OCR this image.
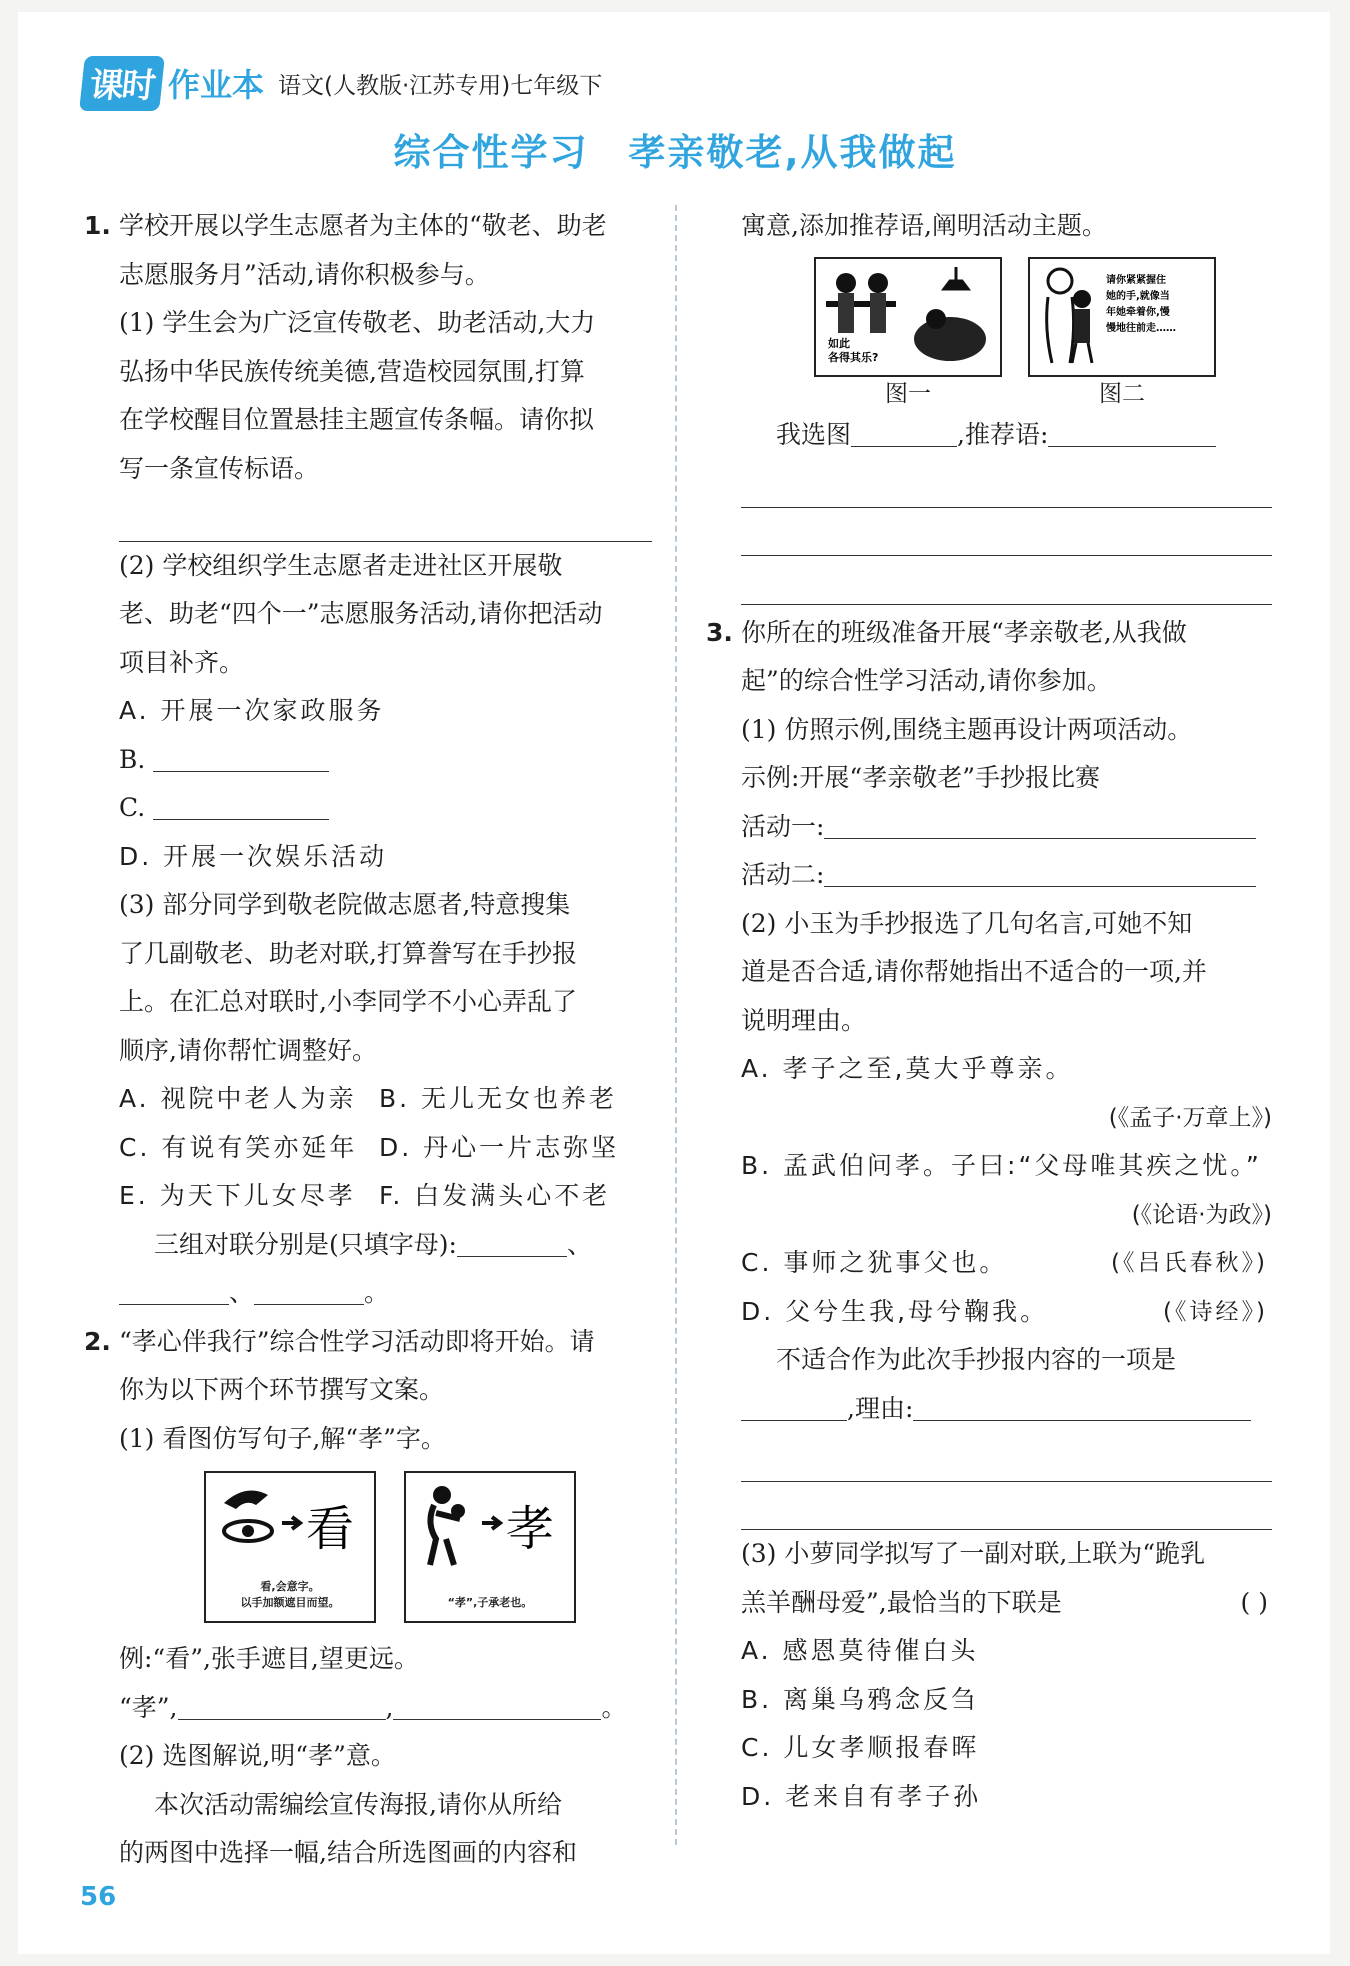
课时 作业本 语文(人教版·江苏专用)七年级下
综合性学习 孝亲敬老,从我做起

1. 学校开展以学生志愿者为主体的“敬老、助老

志愿服务月”活动,请你积极参与。

(1) 学生会为广泛宣传敬老、助老活动,大力

弘扬中华民族传统美德,营造校园氛围,打算

在学校醒目位置悬挂主题宣传条幅。请你拟

写一条宣传标语。

(2) 学校组织学生志愿者走进社区开展敬

老、助老“四个一”志愿服务活动,请你把活动

项目补齐。

A. 开展一次家政服务

B.

C.

D. 开展一次娱乐活动

(3) 部分同学到敬老院做志愿者,特意搜集

了几副敬老、助老对联,打算誊写在手抄报

上。在汇总对联时,小李同学不小心弄乱了

顺序,请你帮忙调整好。

A. 视院中老人为亲 B. 无儿无女也养老
C. 有说有笑亦延年 D. 丹心一片志弥坚
E. 为天下儿女尽孝 F. 白发满头心不老

三组对联分别是(只填字母):	、

、	。

2. “孝心伴我行”综合性学习活动即将开始。请

你为以下两个环节撰写文案。

(1) 看图仿写句子,解“孝”字。

看
看,会意字。
以手加额遮目而望。
孝
“孝”,子承老也。

例:“看”,张手遮目,望更远。

“孝”,	,	。

(2) 选图解说,明“孝”意。

本次活动需编绘宣传海报,请你从所给

的两图中选择一幅,结合所选图画的内容和

寓意,添加推荐语,阐明活动主题。

如此
各得其乐?
请你紧紧握住
她的手,就像当
年她牵着你,慢
慢地往前走……
图一	图二

我选图	,推荐语:

3. 你所在的班级准备开展“孝亲敬老,从我做

起”的综合性学习活动,请你参加。

(1) 仿照示例,围绕主题再设计两项活动。

示例:开展“孝亲敬老”手抄报比赛

活动一:

活动二:

(2) 小玉为手抄报选了几句名言,可她不知

道是否合适,请你帮她指出不适合的一项,并

说明理由。

A. 孝子之至,莫大乎尊亲。

(《孟子·万章上》)

B. 孟武伯问孝。子曰:“父母唯其疾之忧。”

(《论语·为政》)

C. 事师之犹事父也。	(《吕氏春秋》)

D. 父兮生我,母兮鞠我。	(《诗经》)

不适合作为此次手抄报内容的一项是

,理由:

(3) 小萝同学拟写了一副对联,上联为“跪乳

羔羊酬母爱”,最恰当的下联是	( )

A. 感恩莫待催白头

B. 离巢乌鸦念反刍

C. 儿女孝顺报春晖

D. 老来自有孝子孙

56
